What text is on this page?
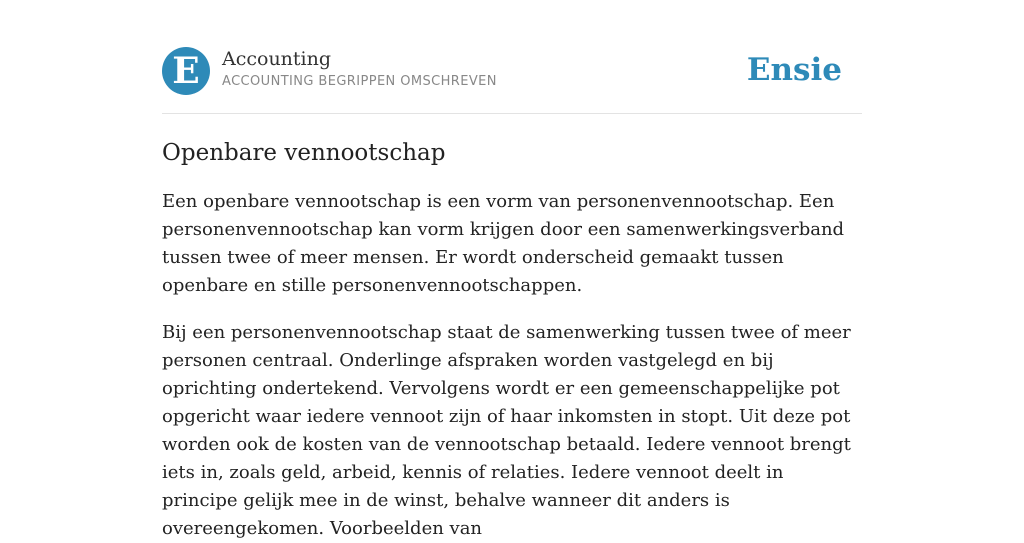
E	Accounting
ACCOUNTING BEGRIPPEN OMSCHREVEN	Ensie
Openbare vennootschap

Een openbare vennootschap is een vorm van personenvennootschap. Een personenvennootschap kan vorm krijgen door een samenwerkingsverband tussen twee of meer mensen. Er wordt onderscheid gemaakt tussen openbare en stille personenvennootschappen.

Bij een personenvennootschap staat de samenwerking tussen twee of meer personen centraal. Onderlinge afspraken worden vastgelegd en bij oprichting ondertekend. Vervolgens wordt er een gemeenschappelijke pot opgericht waar iedere vennoot zijn of haar inkomsten in stopt. Uit deze pot worden ook de kosten van de vennootschap betaald. Iedere vennoot brengt iets in, zoals geld, arbeid, kennis of relaties. Iedere vennoot deelt in principe gelijk mee in de winst, behalve wanneer dit anders is overeengekomen. Voorbeelden van
